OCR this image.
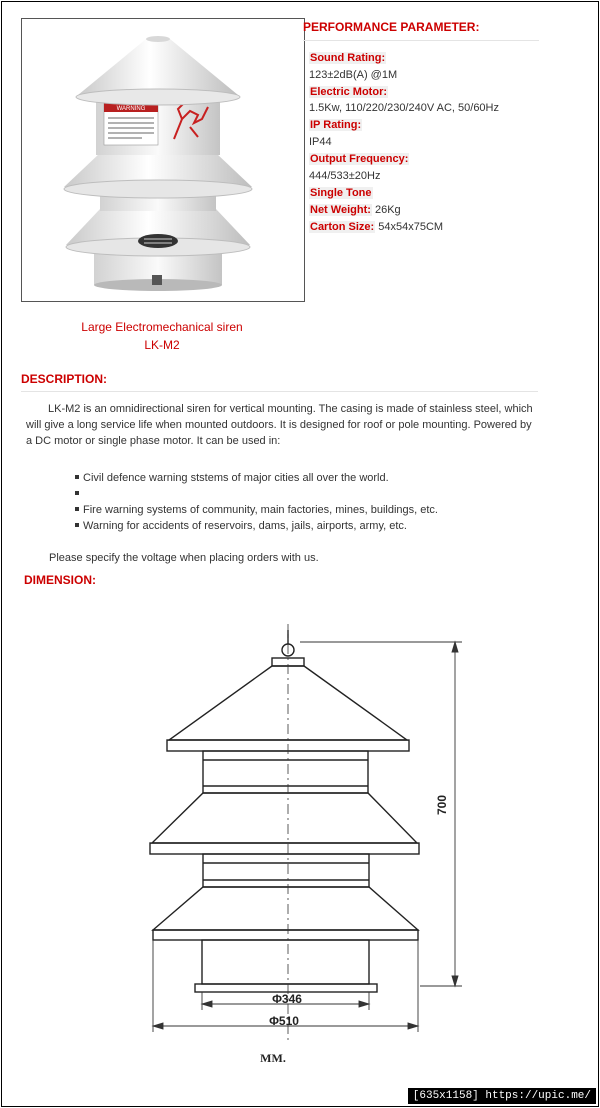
WARNING
Large Electromechanical siren
LK-M2
PERFORMANCE PARAMETER:
Sound Rating:
123±2dB(A) @1M
Electric Motor:
1.5Kw, 110/220/230/240V AC, 50/60Hz
IP Rating:
IP44
Output Frequency:
444/533±20Hz
Single Tone
Net Weight: 26Kg
Carton Size: 54x54x75CM
DESCRIPTION:
LK-M2 is an omnidirectional siren for vertical mounting. The casing is made of stainless steel, which will give a long service life when mounted outdoors. It is designed for roof or pole mounting. Powered by a DC motor or single phase motor. It can be used in:
Civil defence warning ststems of major cities all over the world.
Fire warning systems of community, main factories, mines, buildings, etc.
Warning for accidents of reservoirs, dams, jails, airports, army, etc.
Please specify the voltage when placing orders with us.
DIMENSION:
700
Φ346
Φ510
MM.
[635x1158] https://upic.me/
